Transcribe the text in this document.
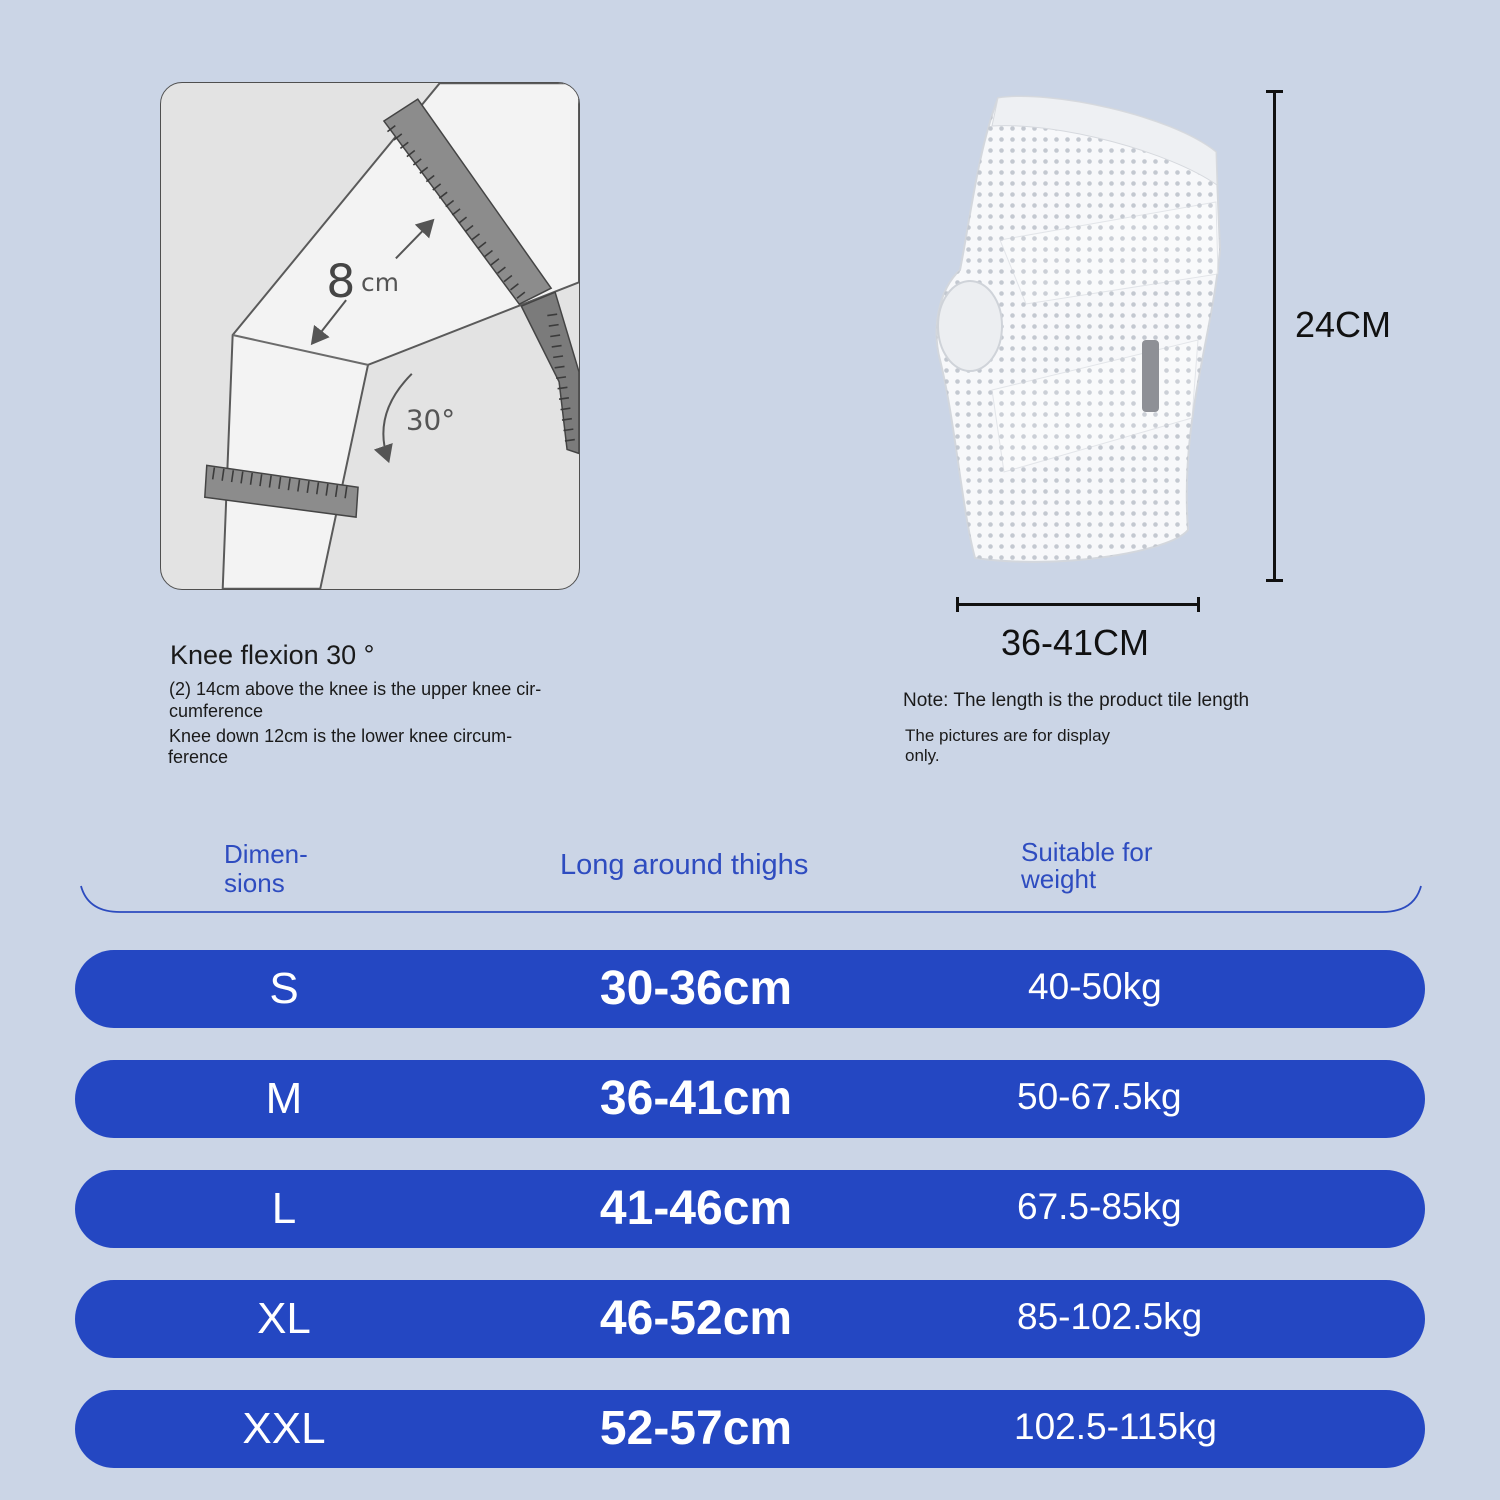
8 cm
30°
Knee flexion 30 °
(2) 14cm above the knee is the upper knee cir-
cumference
Knee down 12cm is the lower knee circum-
ference
24CM
36-41CM
Note: The length is the product tile length
The pictures are for display
only.
Dimen-
sions
Long around thighs	Suitable for
weight
S	30-36cm	40-50kg
M	36-41cm	50-67.5kg
L	41-46cm	67.5-85kg
XL	46-52cm	85-102.5kg
XXL	52-57cm	102.5-115kg
